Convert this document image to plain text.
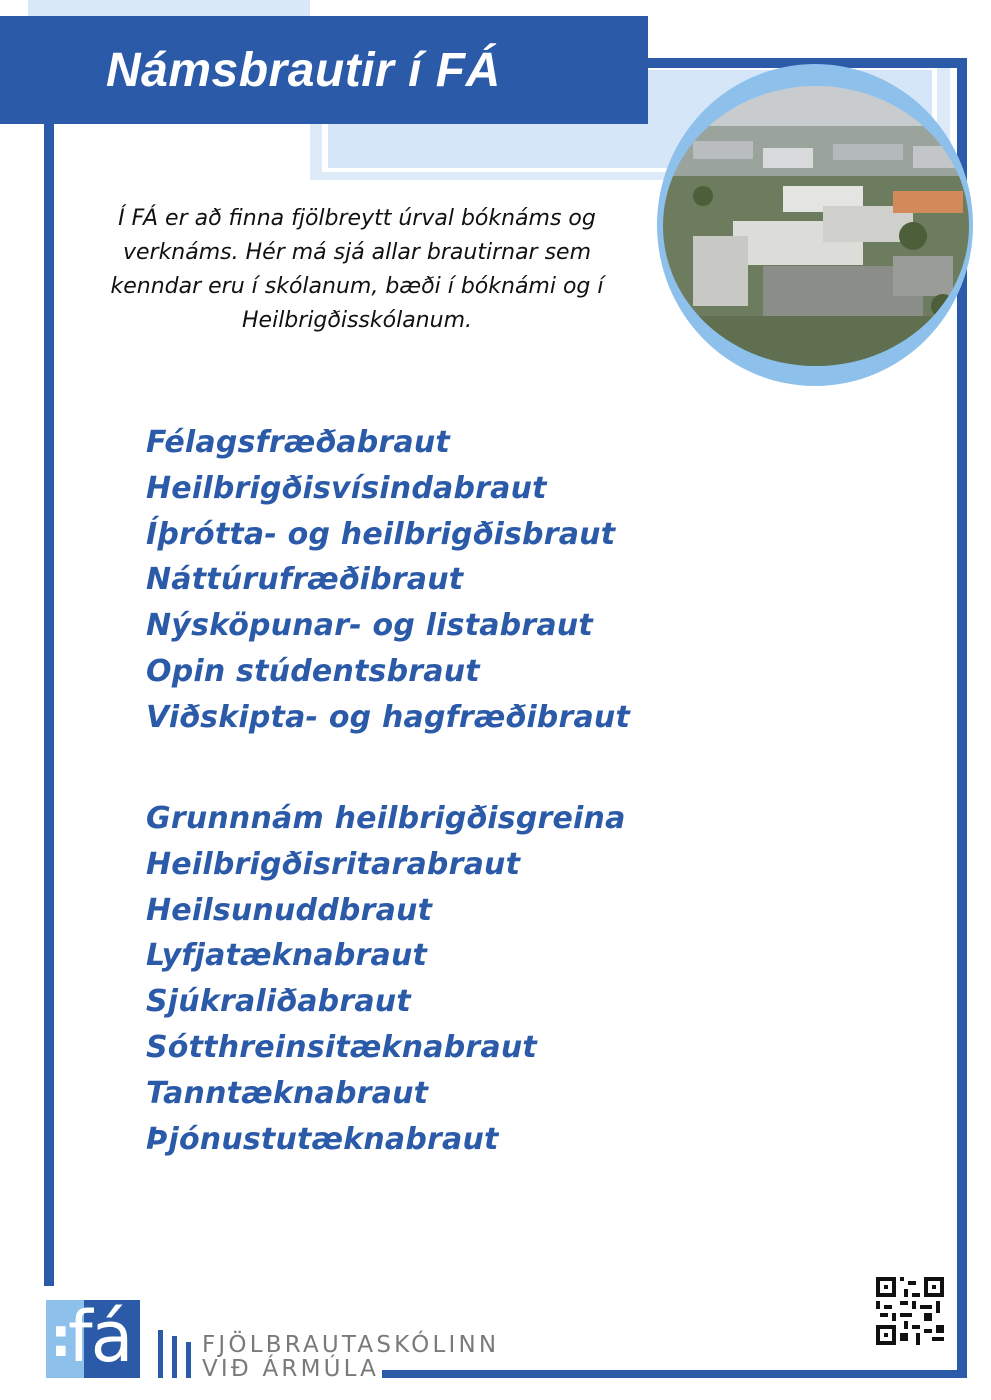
Námsbrautir í FÁ
Í FÁ er að finna fjölbreytt úrval bóknáms og
verknáms. Hér má sjá allar brautirnar sem
kenndar eru í skólanum, bæði í bóknámi og í
Heilbrigðisskólanum.
Félagsfræðabraut
Heilbrigðisvísindabraut
Íþrótta- og heilbrigðisbraut
Náttúrufræðibraut
Nýsköpunar- og listabraut
Opin stúdentsbraut
Viðskipta- og hagfræðibraut
Grunnnám heilbrigðisgreina
Heilbrigðisritarabraut
Heilsunuddbraut
Lyfjatæknabraut
Sjúkraliðabraut
Sótthreinsitæknabraut
Tanntæknabraut
Þjónustutæknabraut
:
fá	FJÖLBRAUTASKÓLINN
VIÐ ÁRMÚLA
